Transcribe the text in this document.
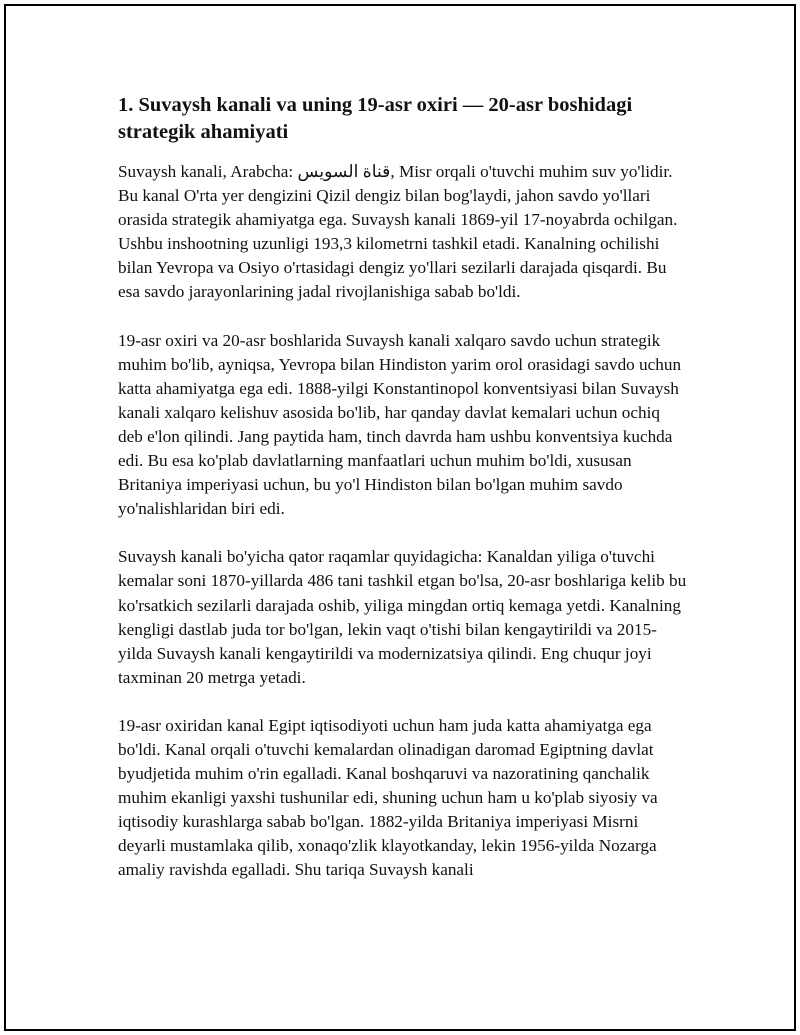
1. Suvaysh kanali va uning 19-asr oxiri — 20-asr boshidagi strategik ahamiyati

Suvaysh kanali, Arabcha: قناة السويس, Misr orqali o'tuvchi muhim suv yo'lidir. Bu kanal O'rta yer dengizini Qizil dengiz bilan bog'laydi, jahon savdo yo'llari orasida strategik ahamiyatga ega. Suvaysh kanali 1869-yil 17-noyabrda ochilgan. Ushbu inshootning uzunligi 193,3 kilometrni tashkil etadi. Kanalning ochilishi bilan Yevropa va Osiyo o'rtasidagi dengiz yo'llari sezilarli darajada qisqardi. Bu esa savdo jarayonlarining jadal rivojlanishiga sabab bo'ldi.

19-asr oxiri va 20-asr boshlarida Suvaysh kanali xalqaro savdo uchun strategik muhim bo'lib, ayniqsa, Yevropa bilan Hindiston yarim orol orasidagi savdo uchun katta ahamiyatga ega edi. 1888-yilgi Konstantinopol konventsiyasi bilan Suvaysh kanali xalqaro kelishuv asosida bo'lib, har qanday davlat kemalari uchun ochiq deb e'lon qilindi. Jang paytida ham, tinch davrda ham ushbu konventsiya kuchda edi. Bu esa ko'plab davlatlarning manfaatlari uchun muhim bo'ldi, xususan Britaniya imperiyasi uchun, bu yo'l Hindiston bilan bo'lgan muhim savdo yo'nalishlaridan biri edi.

Suvaysh kanali bo'yicha qator raqamlar quyidagicha: Kanaldan yiliga o'tuvchi kemalar soni 1870-yillarda 486 tani tashkil etgan bo'lsa, 20-asr boshlariga kelib bu ko'rsatkich sezilarli darajada oshib, yiliga mingdan ortiq kemaga yetdi. Kanalning kengligi dastlab juda tor bo'lgan, lekin vaqt o'tishi bilan kengaytirildi va 2015-yilda Suvaysh kanali kengaytirildi va modernizatsiya qilindi. Eng chuqur joyi taxminan 20 metrga yetadi.

19-asr oxiridan kanal Egipt iqtisodiyoti uchun ham juda katta ahamiyatga ega bo'ldi. Kanal orqali o'tuvchi kemalardan olinadigan daromad Egiptning davlat byudjetida muhim o'rin egalladi. Kanal boshqaruvi va nazoratining qanchalik muhim ekanligi yaxshi tushunilar edi, shuning uchun ham u ko'plab siyosiy va iqtisodiy kurashlarga sabab bo'lgan. 1882-yilda Britaniya imperiyasi Misrni deyarli mustamlaka qilib, xonaqo'zlik klayotkanday, lekin 1956-yilda Nozarga amaliy ravishda egalladi. Shu tariqa Suvaysh kanali
